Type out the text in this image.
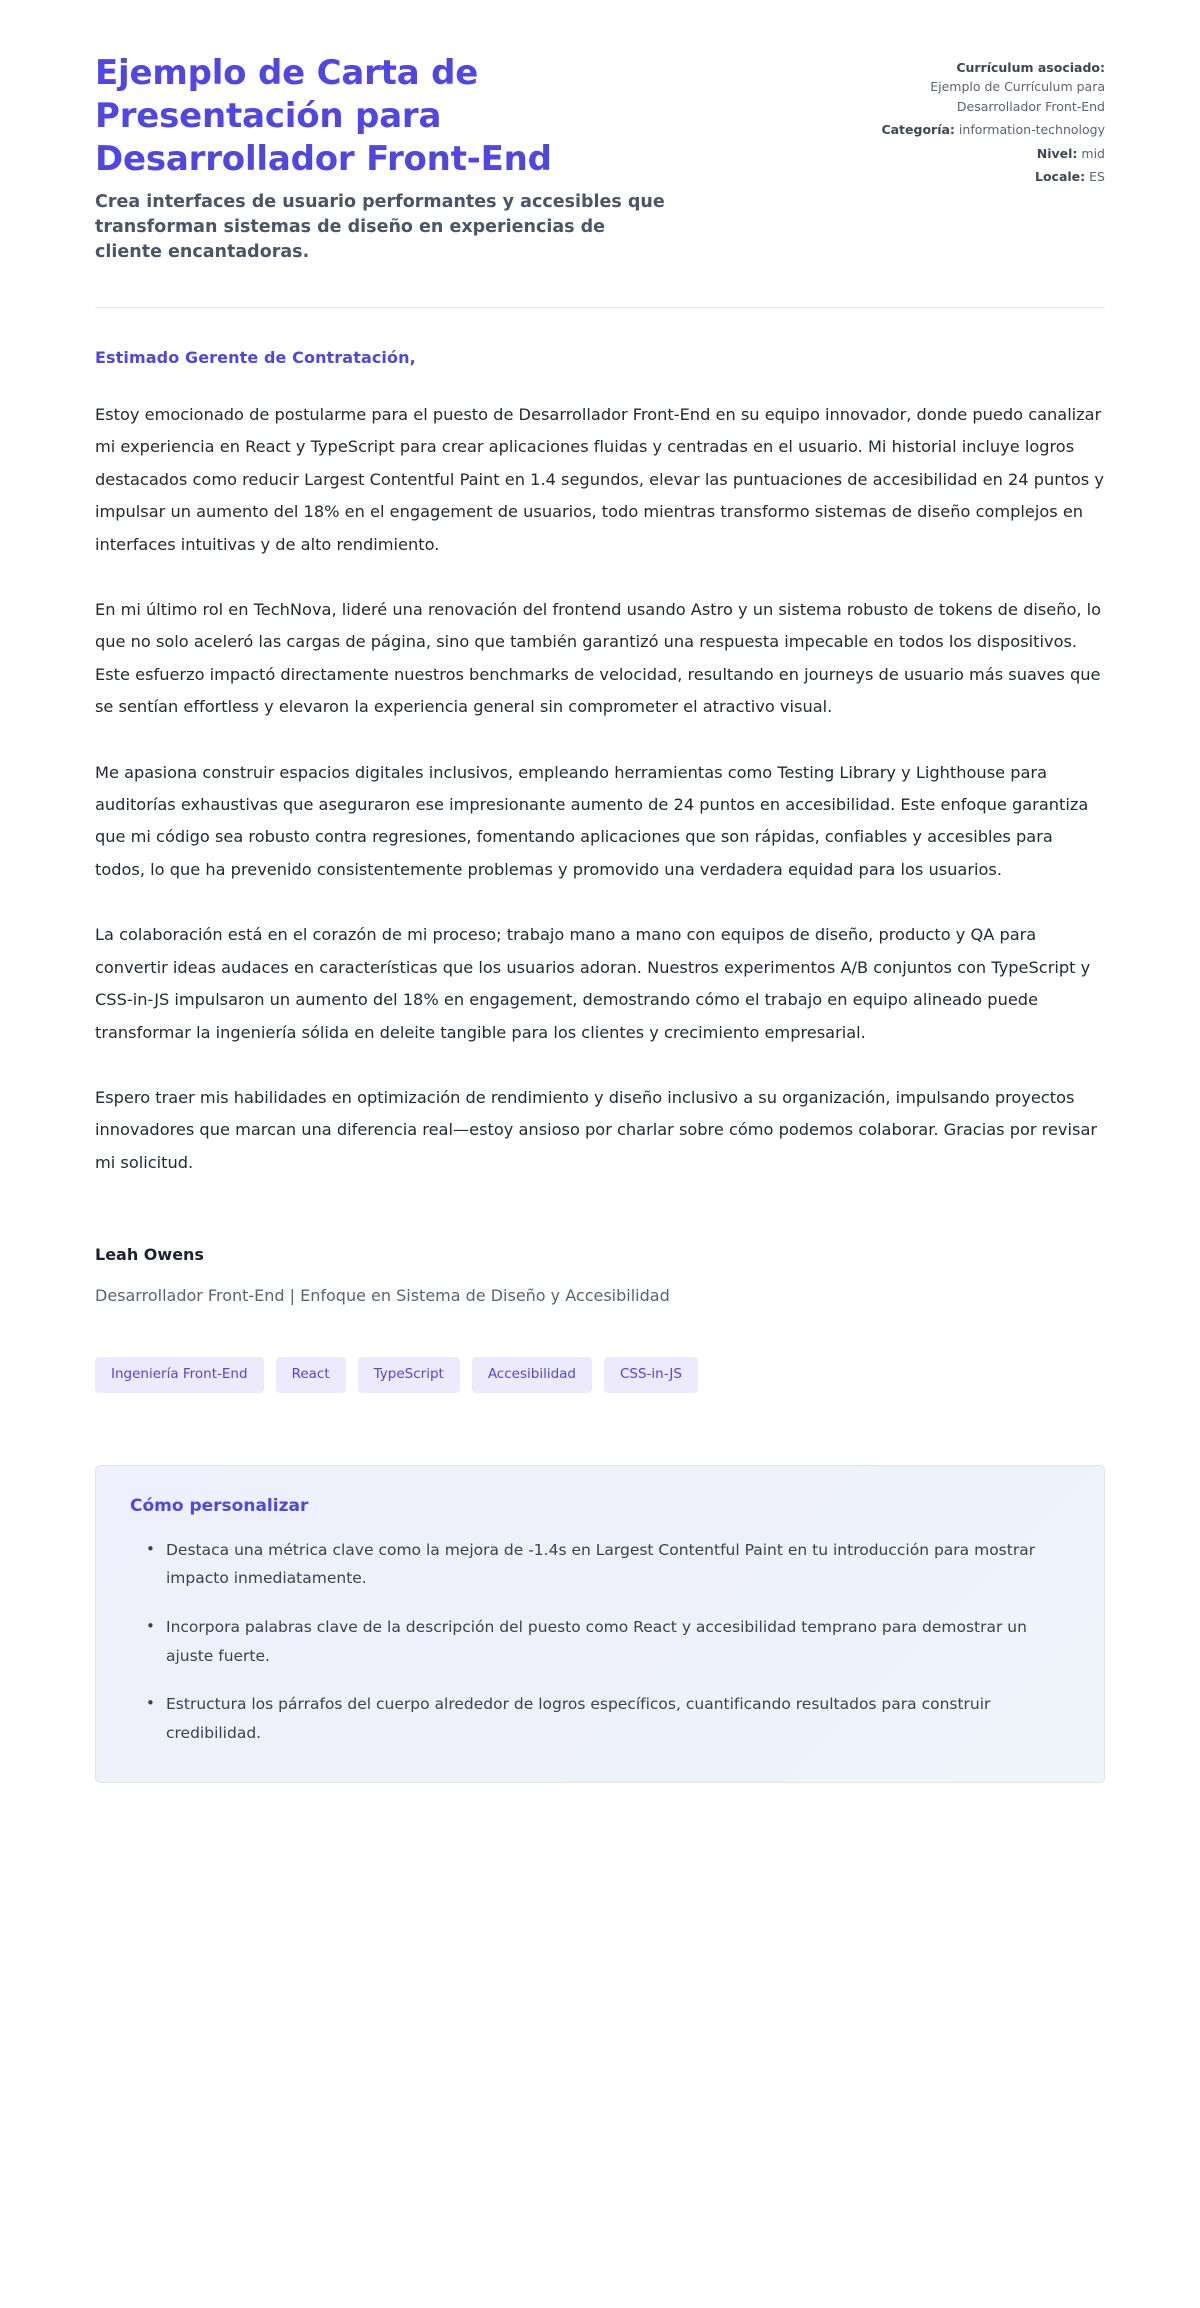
Ejemplo de Carta de Presentación para Desarrollador Front-End

Crea interfaces de usuario performantes y accesibles que transforman sistemas de diseño en experiencias de cliente encantadoras.

Currículum asociado:
Ejemplo de Currículum para Desarrollador Front-End
Categoría: information-technology
Nivel: mid
Locale: ES

Estimado Gerente de Contratación,

Estoy emocionado de postularme para el puesto de Desarrollador Front-End en su equipo innovador, donde puedo canalizar mi experiencia en React y TypeScript para crear aplicaciones fluidas y centradas en el usuario. Mi historial incluye logros destacados como reducir Largest Contentful Paint en 1.4 segundos, elevar las puntuaciones de accesibilidad en 24 puntos y impulsar un aumento del 18% en el engagement de usuarios, todo mientras transformo sistemas de diseño complejos en interfaces intuitivas y de alto rendimiento.

En mi último rol en TechNova, lideré una renovación del frontend usando Astro y un sistema robusto de tokens de diseño, lo que no solo aceleró las cargas de página, sino que también garantizó una respuesta impecable en todos los dispositivos. Este esfuerzo impactó directamente nuestros benchmarks de velocidad, resultando en journeys de usuario más suaves que se sentían effortless y elevaron la experiencia general sin comprometer el atractivo visual.

Me apasiona construir espacios digitales inclusivos, empleando herramientas como Testing Library y Lighthouse para auditorías exhaustivas que aseguraron ese impresionante aumento de 24 puntos en accesibilidad. Este enfoque garantiza que mi código sea robusto contra regresiones, fomentando aplicaciones que son rápidas, confiables y accesibles para todos, lo que ha prevenido consistentemente problemas y promovido una verdadera equidad para los usuarios.

La colaboración está en el corazón de mi proceso; trabajo mano a mano con equipos de diseño, producto y QA para convertir ideas audaces en características que los usuarios adoran. Nuestros experimentos A/B conjuntos con TypeScript y CSS-in-JS impulsaron un aumento del 18% en engagement, demostrando cómo el trabajo en equipo alineado puede transformar la ingeniería sólida en deleite tangible para los clientes y crecimiento empresarial.

Espero traer mis habilidades en optimización de rendimiento y diseño inclusivo a su organización, impulsando proyectos innovadores que marcan una diferencia real—estoy ansioso por charlar sobre cómo podemos colaborar. Gracias por revisar mi solicitud.

Leah Owens

Desarrollador Front-End | Enfoque en Sistema de Diseño y Accesibilidad

Ingeniería Front-End	React	TypeScript	Accesibilidad	CSS-in-JS
Cómo personalizar
• Destaca una métrica clave como la mejora de -1.4s en Largest Contentful Paint en tu introducción para mostrar impacto inmediatamente.
• Incorpora palabras clave de la descripción del puesto como React y accesibilidad temprano para demostrar un ajuste fuerte.
• Estructura los párrafos del cuerpo alrededor de logros específicos, cuantificando resultados para construir credibilidad.
